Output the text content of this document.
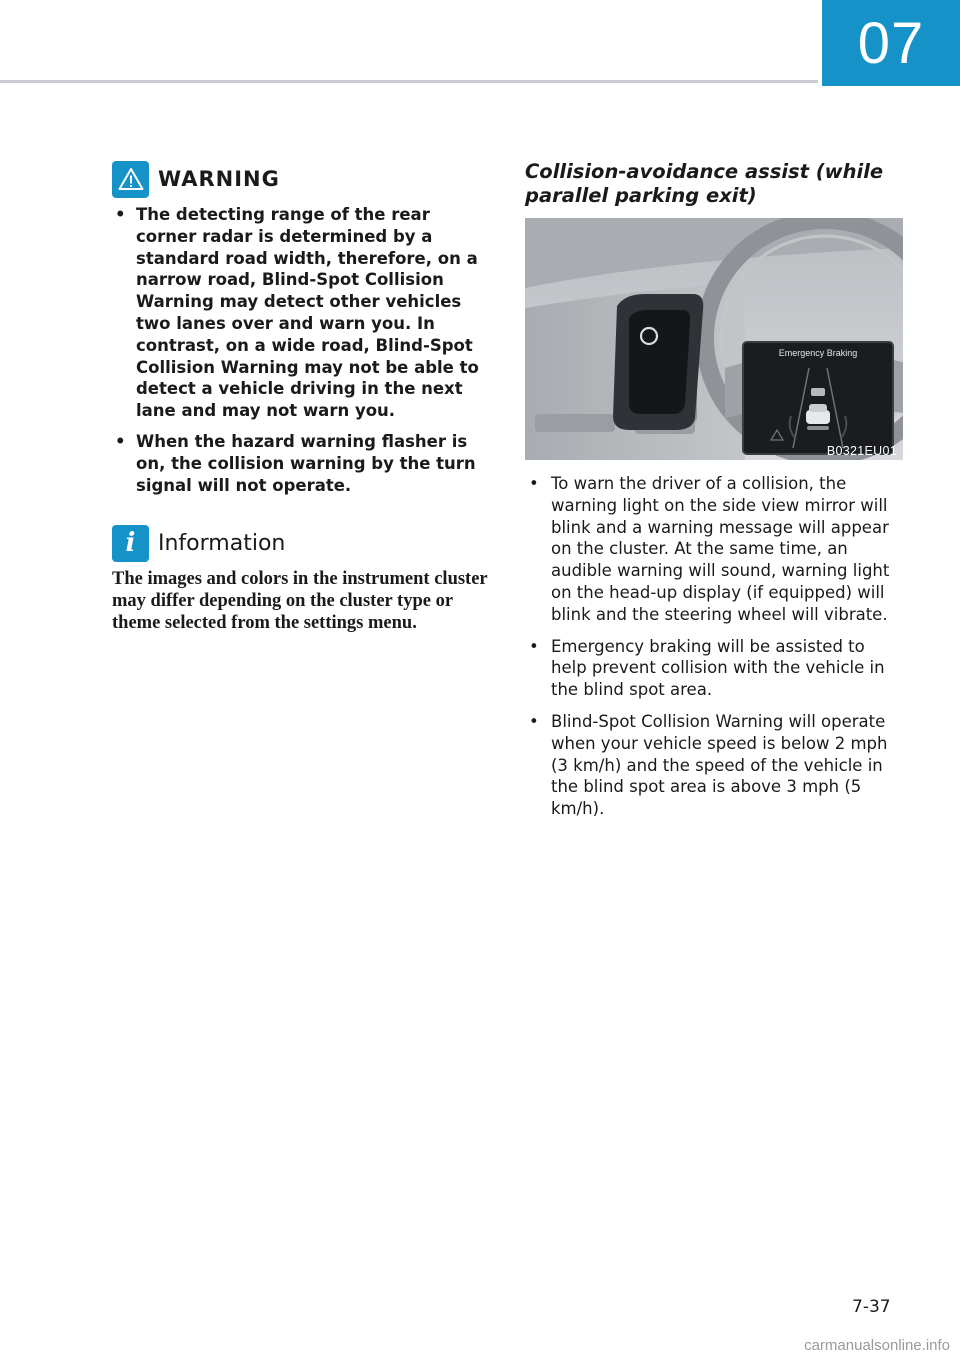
07
WARNING
• The detecting range of the rear corner radar is determined by a standard road width, therefore, on a narrow road, Blind-Spot Collision Warning may detect other vehicles two lanes over and warn you. In contrast, on a wide road, Blind-Spot Collision Warning may not be able to detect a vehicle driving in the next lane and may not warn you.
• When the hazard warning flasher is on, the collision warning by the turn signal will not operate.
i	Information

The images and colors in the instrument cluster may differ depending on the cluster type or theme selected from the settings menu.

Collision-avoidance assist (while parallel parking exit)
Emergency Braking
B0321EU01
• To warn the driver of a collision, the warning light on the side view mirror will blink and a warning message will appear on the cluster. At the same time, an audible warning will sound, warning light on the head-up display (if equipped) will blink and the steering wheel will vibrate.
• Emergency braking will be assisted to help prevent collision with the vehicle in the blind spot area.
• Blind-Spot Collision Warning will operate when your vehicle speed is below 2 mph (3 km/h) and the speed of the vehicle in the blind spot area is above 3 mph (5 km/h).
7-37
carmanualsonline.info
